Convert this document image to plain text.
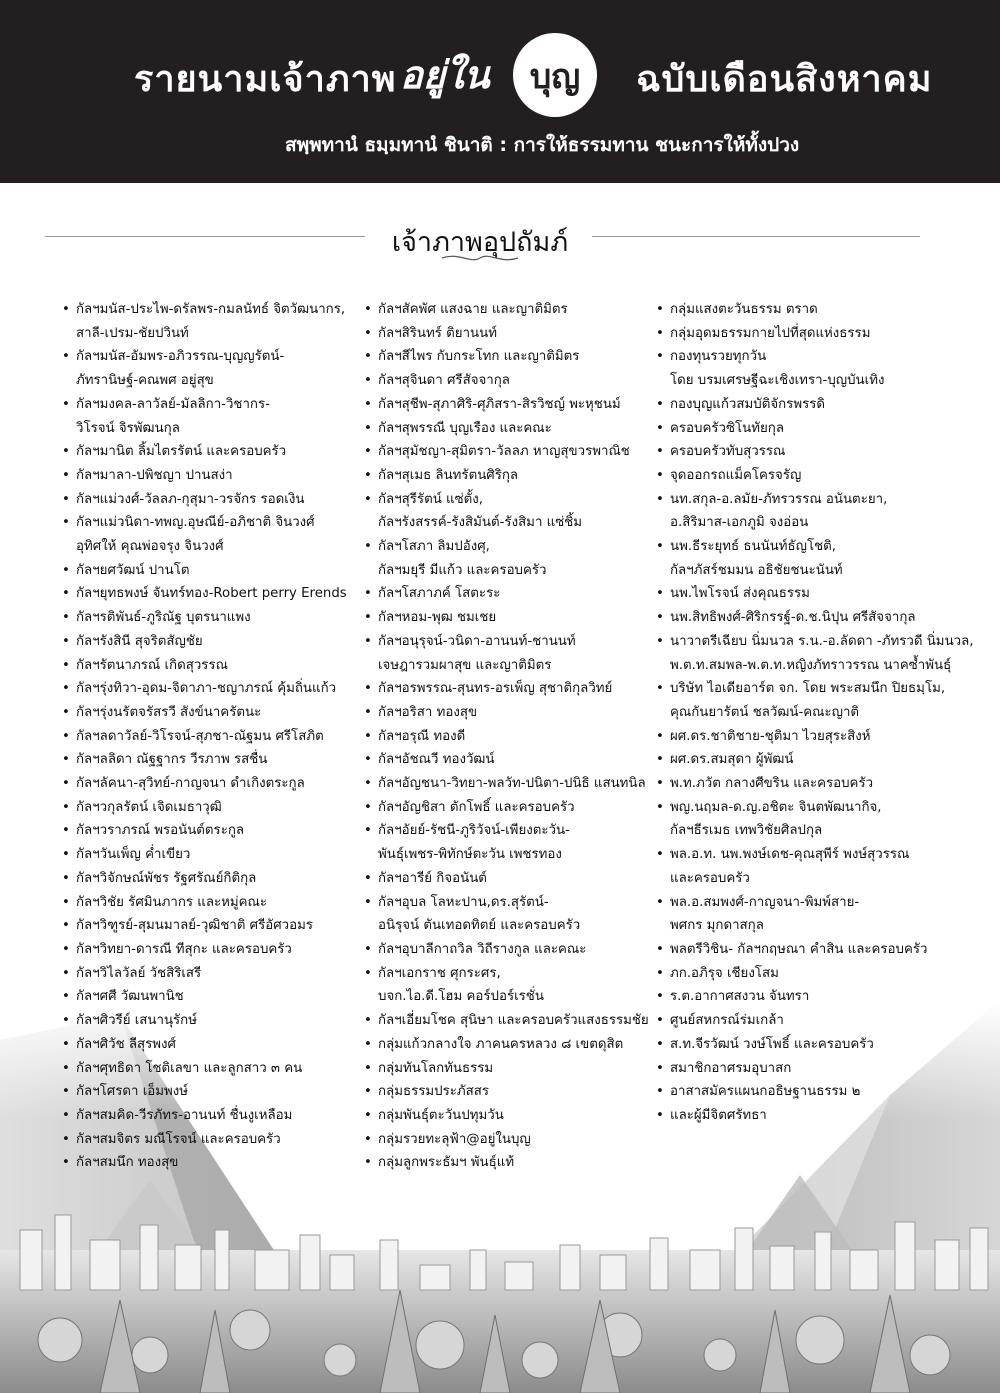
รายนามเจ้าภาพ อยู่ใน บุญ ฉบับเดือนสิงหาคม
สพฺพทานํ ธมฺมทานํ ชินาติ : การให้ธรรมทาน ชนะการให้ทั้งปวง
เจ้าภาพอุปถัมภ์
• กัลฯมนัส-ประไพ-ดรัลพร-กมลนัทธ์ จิตวัฒนากร,
สาลี-เปรม-ชัยปวินท์
• กัลฯมนัส-อัมพร-อภิวรรณ-บุญญรัตน์-
ภัทรานิษฐ์-คณพศ อยู่สุข
• กัลฯมงคล-ลาวัลย์-มัลลิกา-วิชากร-
วิโรจน์ จิรพัฒนกุล
• กัลฯมานิต ลิ้มไตรรัตน์ และครอบครัว
• กัลฯมาลา-ปพิชญา ปานสง่า
• กัลฯแม่วงศ์-วัลลภ-กุสุมา-วรจักร รอดเงิน
• กัลฯแม่วนิดา-ทพญ.อุษณีย์-อภิชาติ จินวงศ์
อุทิศให้ คุณพ่อจรุง จินวงศ์
• กัลฯยศวัฒน์ ปานโต
• กัลฯยุทธพงษ์ จันทร์ทอง-Robert perry Erends
• กัลฯรติพันธ์-ภูริณัฐ บุตรนาแพง
• กัลฯรังสินี สุจริตสัญชัย
• กัลฯรัตนาภรณ์ เกิดสุวรรณ
• กัลฯรุ่งทิวา-อุดม-จิดาภา-ชญาภรณ์ คุ้มถิ่นแก้ว
• กัลฯรุ่งนรัตจรัสรวี สังข์นาครัตนะ
• กัลฯลดาวัลย์-วิโรจน์-สุภชา-ณัฐมน ศรีโสภิต
• กัลฯลลิดา ณัฐฐากร วีรภาพ รสชื่น
• กัลฯลัคนา-สุวิทย์-กาญจนา ดำเกิงตระกูล
• กัลฯวกุลรัตน์ เจิดเมธาวุฒิ
• กัลฯวราภรณ์ พรอนันต์ตระกูล
• กัลฯวันเพ็ญ ค่ำเขียว
• กัลฯวิจักษณ์พัชร รัฐศรัณย์กิติกุล
• กัลฯวิชัย รัศมินภากร และหมู่คณะ
• กัลฯวิฑูรย์-สุมนมาลย์-วุฒิชาติ ศรีอัศวอมร
• กัลฯวิทยา-ดารณี ทีสุกะ และครอบครัว
• กัลฯวิไลวัลย์ วัชสิริเสรี
• กัลฯศศี วัฒนพานิช
• กัลฯศิวรีย์ เสนานุรักษ์
• กัลฯศิวัช ลีสุรพงศ์
• กัลฯศุทธิดา โชติเลขา และลูกสาว ๓ คน
• กัลฯโศรดา เอ็มพงษ์
• กัลฯสมคิด-วีรภัทร-อานนท์ ชื่นงูเหลือม
• กัลฯสมจิตร มณีโรจน์ และครอบครัว
• กัลฯสมนึก ทองสุข
• กัลฯสัคพัศ แสงฉาย และญาติมิตร
• กัลฯสิรินทร์ ติยานนท์
• กัลฯสีไพร กับกระโทก และญาติมิตร
• กัลฯสุจินดา ศรีสัจจากุล
• กัลฯสุชีพ-สุภาศิริ-ศุภิสรา-สิรวิชญ์ พะหุชนม์
• กัลฯสุพรรณี บุญเรือง และคณะ
• กัลฯสุมัชญา-สุมิตรา-วัลลภ หาญสุขวรพาณิช
• กัลฯสุเมธ ลินทรัตนศิริกุล
• กัลฯสุรีรัตน์ แซ่ตั้ง,
กัลฯรังสรรค์-รังสิมันต์-รังสิมา แซ่ชิ้ม
• กัลฯโสภา ลิมปอังศุ,
กัลฯมยุรี มีแก้ว และครอบครัว
• กัลฯโสภาภค์ โสตะระ
• กัลฯหอม-พุฒ ชมเชย
• กัลฯอนุรุจน์-วนิดา-อานนท์-ชานนท์
เจษฎารวมผาสุข และญาติมิตร
• กัลฯอรพรรณ-สุนทร-อรเพ็ญ สุชาติกุลวิทย์
• กัลฯอริสา ทองสุข
• กัลฯอรุณี ทองดี
• กัลฯอัชณวี ทองวัฒน์
• กัลฯอัญชนา-วิทยา-พลวัท-ปนิตา-ปนิธิ แสนทนิล
• กัลฯอัญชิสา ตักโพธิ์ และครอบครัว
• กัลฯอัยย์-รัชนี-ภูริวัจน์-เพียงตะวัน-
พันธุ์เพชร-พิทักษ์ตะวัน เพชรทอง
• กัลฯอารีย์ กิจอนันต์
• กัลฯอุบล โลหะปาน,ดร.สุรัตน์-
อนิรุจน์ ตันเทอดทิตย์ และครอบครัว
• กัลฯอุบาลีกาถวิล วิถีรางกูล และคณะ
• กัลฯเอกราช ศุกระศร,
บจก.ไอ.ดี.โฮม คอร์ปอร์เรชั่น
• กัลฯเอี่ยมโชค สุนิษา และครอบครัวแสงธรรมชัย
• กลุ่มแก้วกลางใจ ภาคนครหลวง ๘ เขตดุสิต
• กลุ่มทันโลกทันธรรม
• กลุ่มธรรมประภัสสร
• กลุ่มพันธุ์ตะวันปทุมวัน
• กลุ่มรวยทะลุฟ้า@อยู่ในบุญ
• กลุ่มลูกพระธัมฯ พันธุ์แท้
• กลุ่มแสงตะวันธรรม ตราด
• กลุ่มอุดมธรรมกายไปที่สุดแห่งธรรม
• กองทุนรวยทุกวัน
โดย บรมเศรษฐีฉะเชิงเทรา-บุญบันเทิง
• กองบุญแก้วสมบัติจักรพรรดิ
• ครอบครัวซิโนทัยกุล
• ครอบครัวทับสุวรรณ
• จุดออกรถแม็คโครจรัญ
• นท.สกุล-อ.ลมัย-ภัทรวรรณ อนันตะยา,
อ.สิริมาส-เอกภูมิ จงอ่อน
• นพ.ธีระยุทธ์ ธนนันท์ธัญโชติ,
กัลฯภัสร์ชมมน อธิชัยชนะนันท์
• นพ.ไพโรจน์ ส่งคุณธรรม
• นพ.สิทธิพงศ์-ศิริกรรฐ์-ด.ช.นิปุน ศรีสัจจากุล
• นาวาตรีเฉียบ นิ่มนวล ร.น.-อ.ลัดดา -ภัทรวดี นิ่มนวล,
พ.ต.ท.สมพล-พ.ต.ท.หญิงภัทราวรรณ นาคซ้ำพันธุ์
• บริษัท ไอเดียอาร์ต จก. โดย พระสมนึก ปิยธมฺโม,
คุณกันยารัตน์ ชลวัฒน์-คณะญาติ
• ผศ.ดร.ชาติชาย-ชุติมา ไวยสุระสิงห์
• ผศ.ดร.สมสุดา ผู้พัฒน์
• พ.ท.ภวัต กลางศีขริน และครอบครัว
• พญ.นฤมล-ด.ญ.อชิตะ จินตพัฒนากิจ,
กัลฯธีรเมธ เทพวิชัยศิลปกุล
• พล.อ.ท. นพ.พงษ์เดช-คุณสุพีร์ พงษ์สุวรรณ
และครอบครัว
• พล.อ.สมพงศ์-กาญจนา-พิมพ์สาย-
พศกร มุกดาสกุล
• พลตรีวิชิน- กัลฯกฤษณา คำสิน และครอบครัว
• ภก.อภิรุจ เชียงโสม
• ร.ต.อากาศสงวน จันทรา
• ศูนย์สหกรณ์ร่มเกล้า
• ส.ท.จีรวัฒน์ วงษ์โพธิ์ และครอบครัว
• สมาชิกอาศรมอุบาสก
• อาสาสมัครแผนกอธิษฐานธรรม ๒
• และผู้มีจิตศรัทธา
